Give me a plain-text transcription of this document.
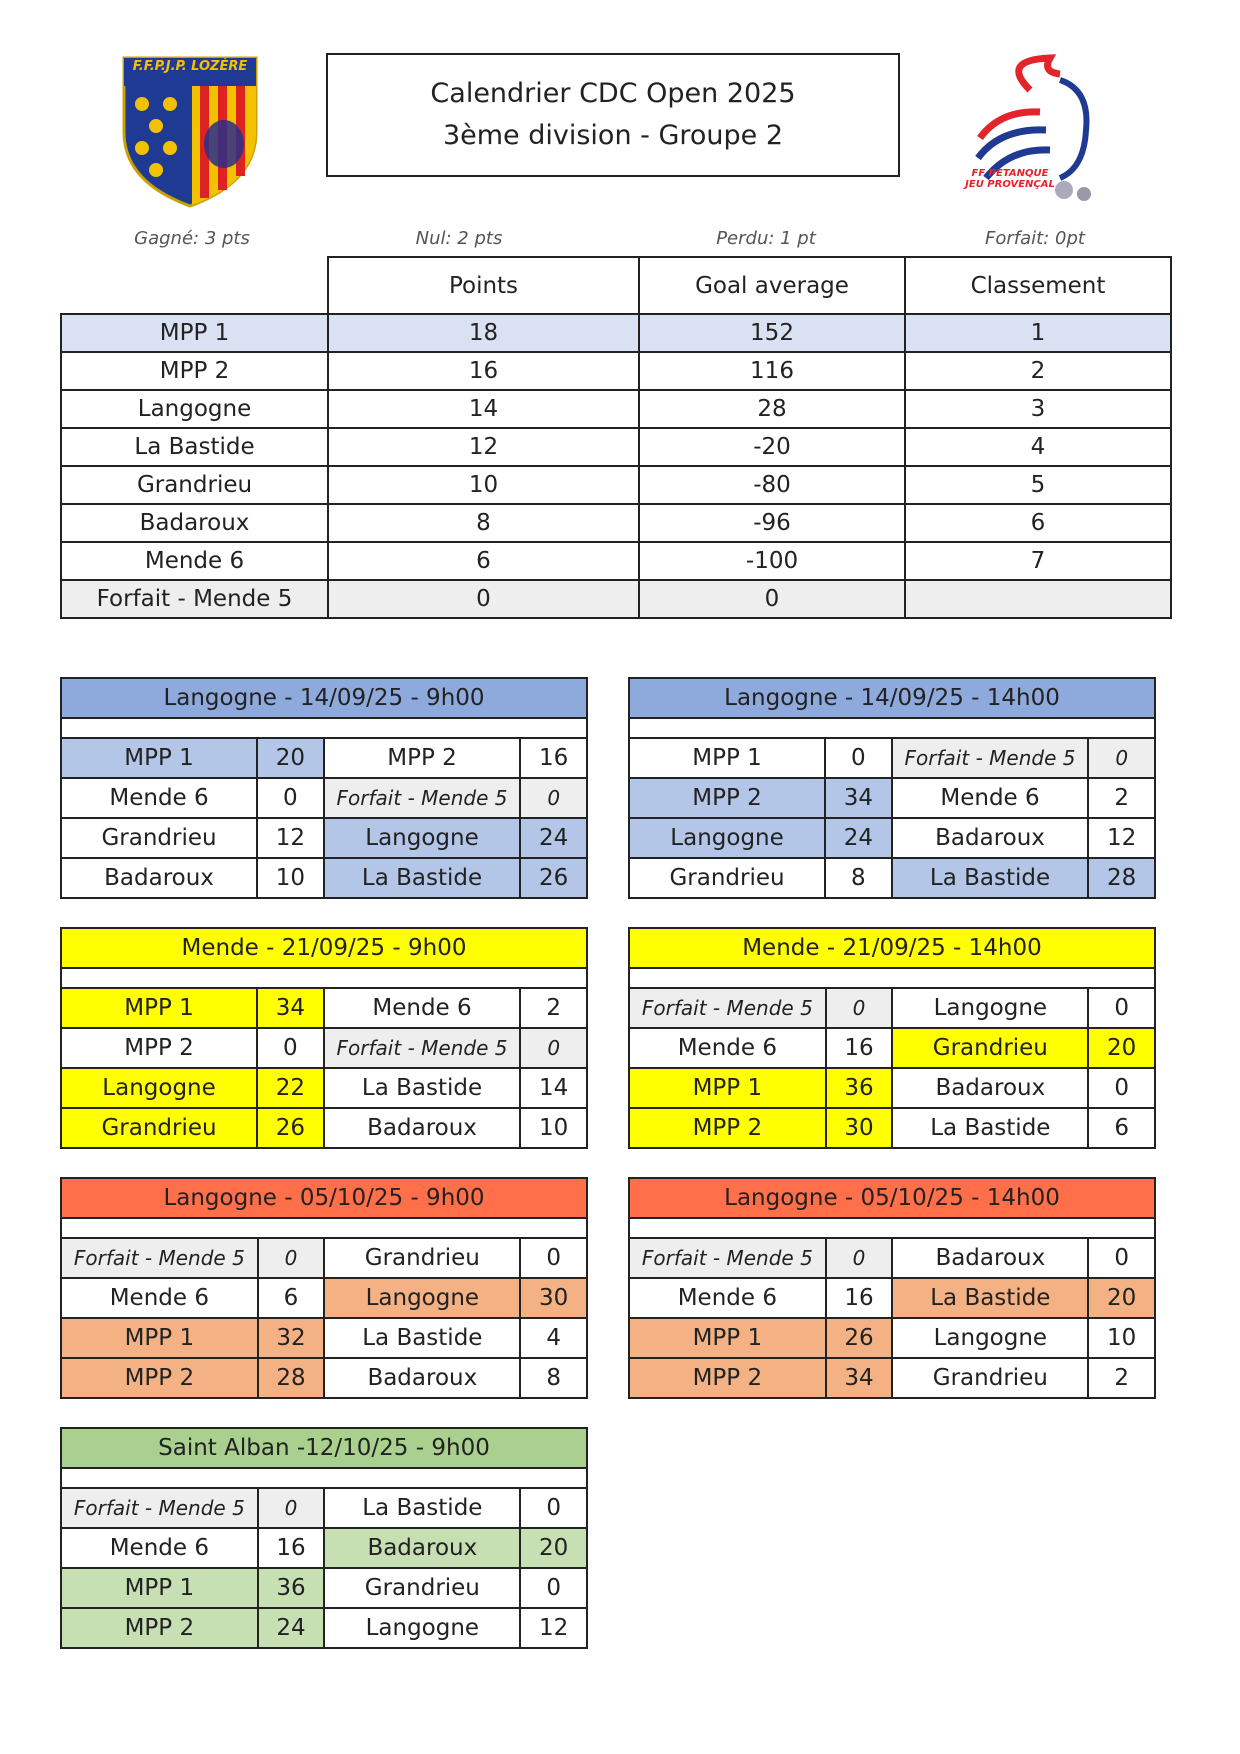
F.F.P.J.P. LOZÈRE
Calendrier CDC Open 2025
3ème division - Groupe 2
FF PETANQUE
JEU PROVENÇAL
Gagné: 3 pts	Nul: 2 pts	Perdu: 1 pt	Forfait: 0pt
	Points	Goal average	Classement
MPP 1	18	152	1
MPP 2	16	116	2
Langogne	14	28	3
La Bastide	12	-20	4
Grandrieu	10	-80	5
Badaroux	8	-96	6
Mende 6	6	-100	7
Forfait - Mende 5	0	0	
Langogne - 14/09/25 - 9h00
MPP 1	20	MPP 2	16
Mende 6	0	Forfait - Mende 5	0
Grandrieu	12	Langogne	24
Badaroux	10	La Bastide	26
Langogne - 14/09/25 - 14h00
MPP 1	0	Forfait - Mende 5	0
MPP 2	34	Mende 6	2
Langogne	24	Badaroux	12
Grandrieu	8	La Bastide	28
Mende - 21/09/25 - 9h00
MPP 1	34	Mende 6	2
MPP 2	0	Forfait - Mende 5	0
Langogne	22	La Bastide	14
Grandrieu	26	Badaroux	10
Mende - 21/09/25 - 14h00
Forfait - Mende 5	0	Langogne	0
Mende 6	16	Grandrieu	20
MPP 1	36	Badaroux	0
MPP 2	30	La Bastide	6
Langogne - 05/10/25 - 9h00
Forfait - Mende 5	0	Grandrieu	0
Mende 6	6	Langogne	30
MPP 1	32	La Bastide	4
MPP 2	28	Badaroux	8
Langogne - 05/10/25 - 14h00
Forfait - Mende 5	0	Badaroux	0
Mende 6	16	La Bastide	20
MPP 1	26	Langogne	10
MPP 2	34	Grandrieu	2
Saint Alban -12/10/25 - 9h00
Forfait - Mende 5	0	La Bastide	0
Mende 6	16	Badaroux	20
MPP 1	36	Grandrieu	0
MPP 2	24	Langogne	12
